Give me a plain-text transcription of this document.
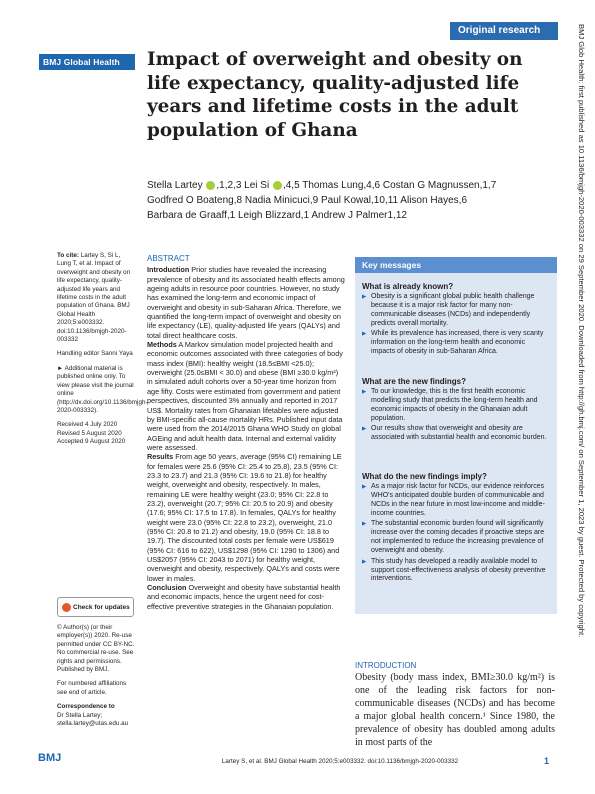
Original research
BMJ Global Health	Impact of overweight and obesity on life expectancy, quality-adjusted life years and lifetime costs in the adult population of Ghana
Stella Lartey ,1,2,3 Lei Si ,4,5 Thomas Lung,4,6 Costan G Magnussen,1,7
Godfred O Boateng,8 Nadia Minicuci,9 Paul Kowal,10,11 Alison Hayes,6
Barbara de Graaff,1 Leigh Blizzard,1 Andrew J Palmer1,12

To cite: Lartey S, Si L, Lung T, et al. Impact of overweight and obesity on life expectancy, quality-adjusted life years and lifetime costs in the adult population of Ghana. BMJ Global Health 2020;5:e003332. doi:10.1136/bmjgh-2020-003332

Handling editor Sanni Yaya

► Additional material is published online only. To view please visit the journal online (http://dx.doi.org/10.1136/bmjgh-2020-003332).

Received 4 July 2020

Revised 5 August 2020

Accepted 9 August 2020

Check for updates

© Author(s) (or their employer(s)) 2020. Re-use permitted under CC BY-NC. No commercial re-use. See rights and permissions. Published by BMJ.

For numbered affiliations see end of article.

Correspondence to

Dr Stella Lartey;

stella.lartey@utas.edu.au

ABSTRACT

Introduction Prior studies have revealed the increasing prevalence of obesity and its associated health effects among ageing adults in resource poor countries. However, no study has examined the long-term and economic impact of overweight and obesity in sub-Saharan Africa. Therefore, we quantified the long-term impact of overweight and obesity on life expectancy (LE), quality-adjusted life years (QALYs) and total direct healthcare costs.

Methods A Markov simulation model projected health and economic outcomes associated with three categories of body mass index (BMI): healthy weight (18.5≤BMI <25.0); overweight (25.0≤BMI < 30.0) and obese (BMI ≥30.0 kg/m²) in simulated adult cohorts over a 50-year time horizon from age fifty. Costs were estimated from government and patient perspectives, discounted 3% annually and reported in 2017 US$. Mortality rates from Ghanaian lifetables were adjusted by BMI-specific all-cause mortality HRs. Published input data were used from the 2014/2015 Ghana WHO Study on global AGEing and adult health data. Internal and external validity were assessed.

Results From age 50 years, average (95% CI) remaining LE for females were 25.6 (95% CI: 25.4 to 25.8), 23.5 (95% CI: 23.3 to 23.7) and 21.3 (95% CI: 19.6 to 21.8) for healthy weight, overweight and obesity, respectively. In males, remaining LE were healthy weight (23.0; 95% CI: 22.8 to 23.2), overweight (20.7; 95% CI: 20.5 to 20.9) and obesity (17.6; 95% CI: 17.5 to 17.8). In females, QALYs for healthy weight were 23.0 (95% CI: 22.8 to 23.2), overweight, 21.0 (95% CI: 20.8 to 21.2) and obesity, 19.0 (95% CI: 18.8 to 19.7). The discounted total costs per female were US$619 (95% CI: 616 to 622), US$1298 (95% CI: 1290 to 1306) and US$2057 (95% CI: 2043 to 2071) for healthy weight, overweight and obesity, respectively. QALYs and costs were lower in males.

Conclusion Overweight and obesity have substantial health and economic impacts, hence the urgent need for cost-effective preventive strategies in the Ghanaian population.

Key messages
What is already known?
▶ Obesity is a significant global public health challenge because it is a major risk factor for many non-communicable diseases (NCDs) and independently predicts overall mortality.
▶ While its prevalence has increased, there is very scanty information on the long-term health and economic impacts of obesity in sub-Saharan Africa.
What are the new findings?
▶ To our knowledge, this is the first health economic modelling study that predicts the long-term health and economic impacts of obesity in the Ghanaian adult population.
▶ Our results show that overweight and obesity are associated with substantial health and economic burden.
What do the new findings imply?
▶ As a major risk factor for NCDs, our evidence reinforces WHO's anticipated double burden of communicable and NCDs in the near future in most low-income and middle-income countries.
▶ The substantial economic burden found will significantly increase over the coming decades if proactive steps are not implemented to reduce the increasing prevalence of overweight and obesity.
▶ This study has developed a readily available model to support cost-effectiveness analysis of obesity preventive interventions.
INTRODUCTION
Obesity (body mass index, BMI≥30.0 kg/m²) is one of the leading risk factors for non-communicable diseases (NCDs) and has become a major global health concern.¹ Since 1980, the prevalence of obesity has doubled among adults in most parts of the
BMJ	Lartey S, et al. BMJ Global Health 2020;5:e003332. doi:10.1136/bmjgh-2020-003332	1
BMJ Glob Health: first published as 10.1136/bmjgh-2020-003332 on 29 September 2020. Downloaded from http://gh.bmj.com/ on September 1, 2023 by guest. Protected by copyright.
